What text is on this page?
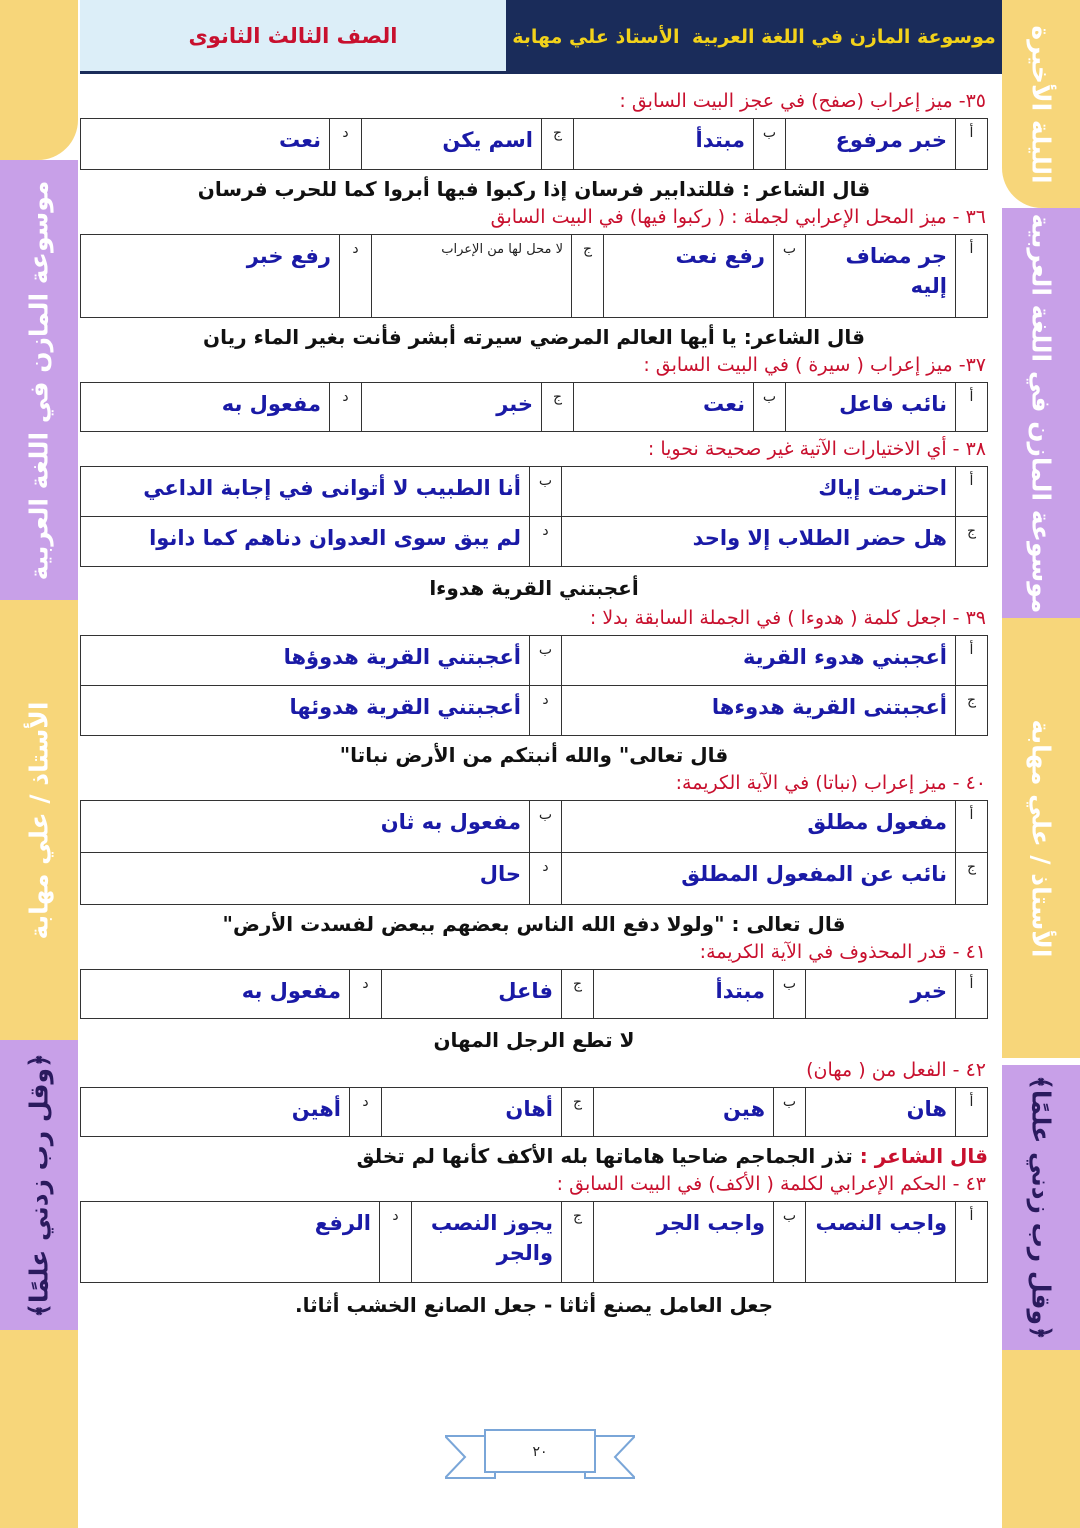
الصف الثالث الثانوى	موسوعة المازن في اللغة العربية
الأستاذ علي مهابة	الليلة الأخيرة
موسوعة المازن في اللغة العربية
الأستاذ / علي مهابة
﴿وقل رب زدني علمًا﴾
موسوعة المازن في اللغة العربية
الأستاذ / علي مهابة
﴿وقل رب زدني علمًا﴾
٣٥- ميز إعراب (صفح) في عجز البيت السابق :
أ	خبر مرفوع	ب	مبتدأ	ج	اسم يكن	د	نعت
قال الشاعر : فللتدابير فرسان إذا ركبوا فيها أبروا كما للحرب فرسان
٣٦ - ميز المحل الإعرابي لجملة : ( ركبوا فيها) في البيت السابق
أ	جر مضاف إليه	ب	رفع نعت	ج	لا محل لها من الإعراب	د	رفع خبر
قال الشاعر: يا أيها العالم المرضي سيرته أبشر فأنت بغير الماء ريان
٣٧- ميز إعراب ( سيرة ) في البيت السابق :
أ	نائب فاعل	ب	نعت	ج	خبر	د	مفعول به
٣٨ - أي الاختيارات الآتية غير صحيحة نحويا :
أ	احترمت إياك	ب	أنا الطبيب لا أتوانى في إجابة الداعي
ج	هل حضر الطلاب إلا واحد	د	لم يبق سوى العدوان دناهم كما دانوا
أعجبتني القرية هدوءا
٣٩ - اجعل كلمة ( هدوءا ) في الجملة السابقة بدلا :
أ	أعجبني هدوء القرية	ب	أعجبتني القرية هدوؤها
ج	أعجبتنى القرية هدوءها	د	أعجبتني القرية هدوئها
قال تعالى" والله أنبتكم من الأرض نباتا"
٤٠ - ميز إعراب (نباتا) في الآية الكريمة:
أ	مفعول مطلق	ب	مفعول به ثان
ج	نائب عن المفعول المطلق	د	حال
قال تعالى : "ولولا دفع الله الناس بعضهم ببعض لفسدت الأرض"
٤١ - قدر المحذوف في الآية الكريمة:
أ	خبر	ب	مبتدأ	ج	فاعل	د	مفعول به
لا تطع الرجل المهان
٤٢ - الفعل من ( مهان)
أ	هان	ب	هين	ج	أهان	د	أهين
قال الشاعر : تذر الجماجم ضاحيا هاماتها بله الأكف كأنها لم تخلق
٤٣ - الحكم الإعرابي لكلمة ( الأكف) في البيت السابق :
أ	واجب النصب	ب	واجب الجر	ج	يجوز النصب والجر	د	الرفع
جعل العامل يصنع أثاثا - جعل الصانع الخشب أثاثا.
٢٠
